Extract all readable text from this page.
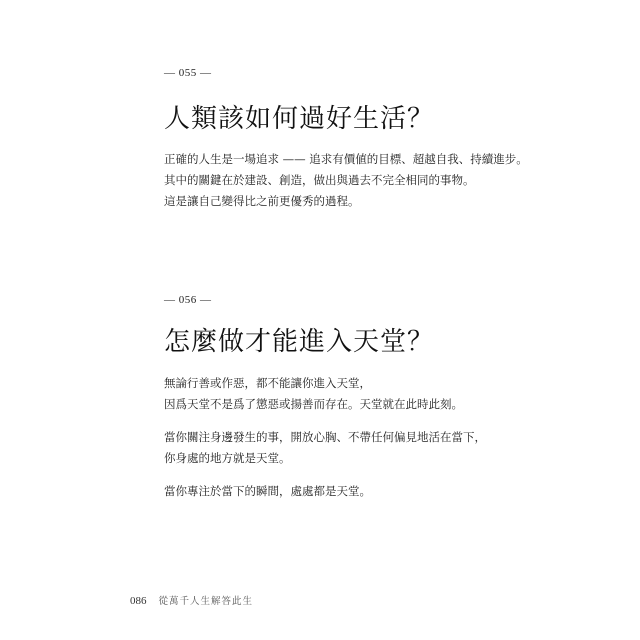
— 055 —
人類該如何過好生活？

正確的人生是一場追求 —— 追求有價値的目標、超越自我、持續進步。
其中的關鍵在於建設、創造，做出與過去不完全相同的事物。
這是讓自己變得比之前更優秀的過程。

— 056 —
怎麼做才能進入天堂？

無論行善或作惡，都不能讓你進入天堂，
因爲天堂不是爲了懲惡或揚善而存在。天堂就在此時此刻。

當你關注身邊發生的事，開放心胸、不帶任何偏見地活在當下，
你身處的地方就是天堂。

當你專注於當下的瞬間，處處都是天堂。

086 從萬千人生解答此生
